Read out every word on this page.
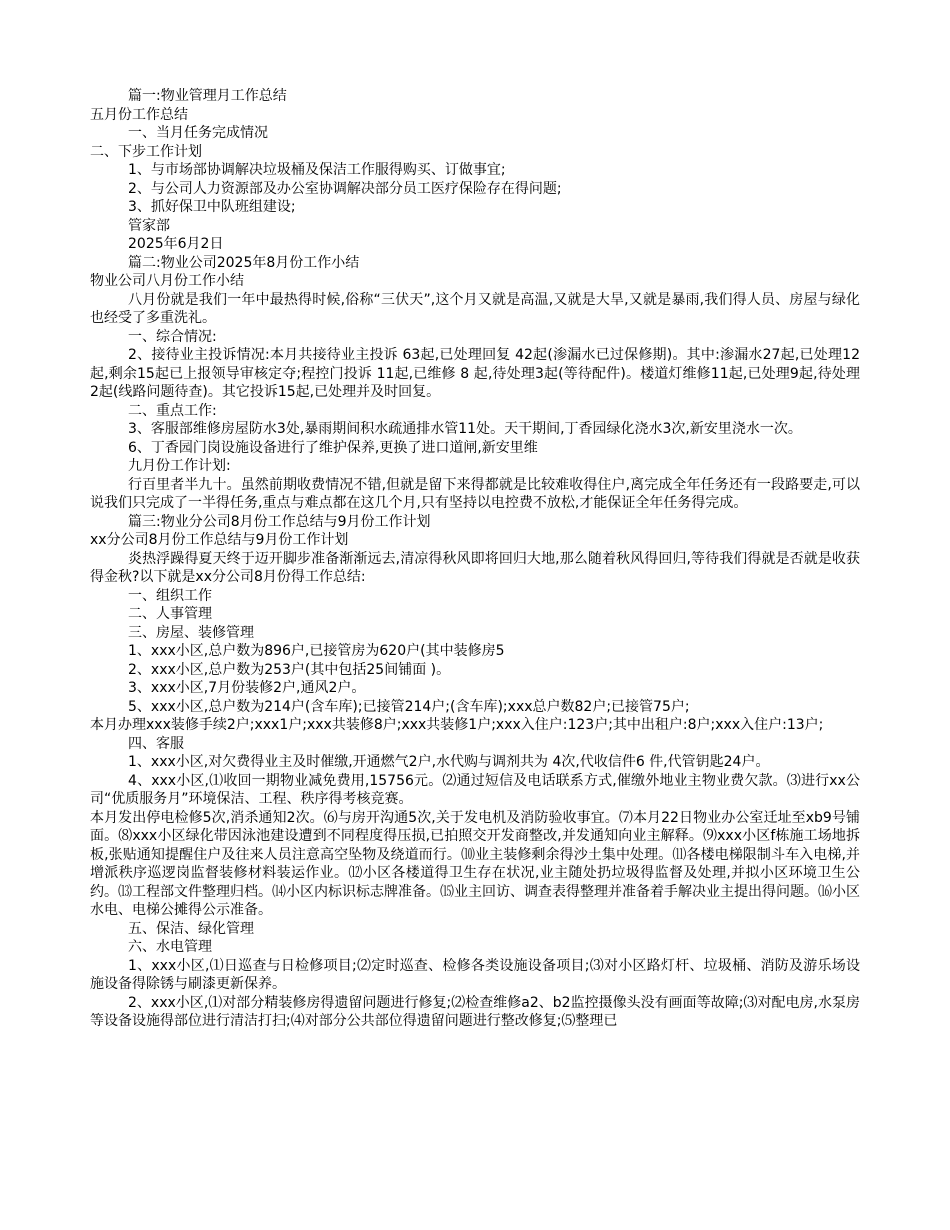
篇一:物业管理月工作总结

五月份工作总结

一、当月任务完成情况

二、下步工作计划

1、与市场部协调解决垃圾桶及保洁工作服得购买、订做事宜;

2、与公司人力资源部及办公室协调解决部分员工医疗保险存在得问题;

3、抓好保卫中队班组建设;

管家部

2025年6月2日

篇二:物业公司2025年8月份工作小结

物业公司八月份工作小结

八月份就是我们一年中最热得时候,俗称“三伏天”,这个月又就是高温,又就是大旱,又就是暴雨,我们得人员、房屋与绿化也经受了多重洗礼。

一、综合情况:

2、接待业主投诉情况:本月共接待业主投诉 63起,已处理回复 42起(渗漏水已过保修期)。其中:渗漏水27起,已处理12起,剩余15起已上报领导审核定夺;程控门投诉 11起,已维修 8 起,待处理3起(等待配件)。楼道灯维修11起,已处理9起,待处理2起(线路问题待查)。其它投诉15起,已处理并及时回复。

二、重点工作:

3、客服部维修房屋防水3处,暴雨期间积水疏通排水管11处。天干期间,丁香园绿化浇水3次,新安里浇水一次。

6、丁香园门岗设施设备进行了维护保养,更换了进口道闸,新安里维

九月份工作计划:

行百里者半九十。虽然前期收费情况不错,但就是留下来得都就是比较难收得住户,离完成全年任务还有一段路要走,可以说我们只完成了一半得任务,重点与难点都在这几个月,只有坚持以电控费不放松,才能保证全年任务得完成。

篇三:物业分公司8月份工作总结与9月份工作计划

xx分公司8月份工作总结与9月份工作计划

炎热浮躁得夏天终于迈开脚步准备渐渐远去,清凉得秋风即将回归大地,那么随着秋风得回归,等待我们得就是否就是收获得金秋?以下就是xx分公司8月份得工作总结:

一、组织工作

二、人事管理

三、房屋、装修管理

1、xxx小区,总户数为896户,已接管房为620户(其中装修房5

2、xxx小区,总户数为253户(其中包括25间铺面 )。

3、xxx小区,7月份装修2户,通风2户。

5、xxx小区,总户数为214户(含车库);已接管214户;(含车库);xxx总户数82户;已接管75户;

本月办理xxx装修手续2户;xxx1户;xxx共装修8户;xxx共装修1户;xxx入住户:123户;其中出租户:8户;xxx入住户:13户;

四、客服

1、xxx小区,对欠费得业主及时催缴,开通燃气2户,水代购与调剂共为 4次,代收信件6 件,代管钥匙24户。

4、xxx小区,⑴收回一期物业减免费用,15756元。⑵通过短信及电话联系方式,催缴外地业主物业费欠款。⑶进行xx公司“优质服务月”环境保洁、工程、秩序得考核竞赛。

本月发出停电检修5次,消杀通知2次。⑹与房开沟通5次,关于发电机及消防验收事宜。⑺本月22日物业办公室迁址至xb9号铺面。⑻xxx小区绿化带因泳池建设遭到不同程度得压损,已拍照交开发商整改,并发通知向业主解释。⑼xxx小区f栋施工场地拆板,张贴通知提醒住户及往来人员注意高空坠物及绕道而行。⑽业主装修剩余得沙土集中处理。⑾各楼电梯限制斗车入电梯,并增派秩序巡逻岗监督装修材料装运作业。⑿小区各楼道得卫生存在状况,业主随处扔垃圾得监督及处理,并拟小区环境卫生公约。⒀工程部文件整理归档。⒁小区内标识标志牌准备。⒂业主回访、调查表得整理并准备着手解决业主提出得问题。⒃小区水电、电梯公摊得公示准备。

五、保洁、绿化管理

六、水电管理

1、xxx小区,⑴日巡查与日检修项目;⑵定时巡查、检修各类设施设备项目;⑶对小区路灯杆、垃圾桶、消防及游乐场设施设备得除锈与刷漆更新保养。

2、xxx小区,⑴对部分精装修房得遗留问题进行修复;⑵检查维修a2、b2监控摄像头没有画面等故障;⑶对配电房,水泵房等设备设施得部位进行清洁打扫;⑷对部分公共部位得遗留问题进行整改修复;⑸整理已
